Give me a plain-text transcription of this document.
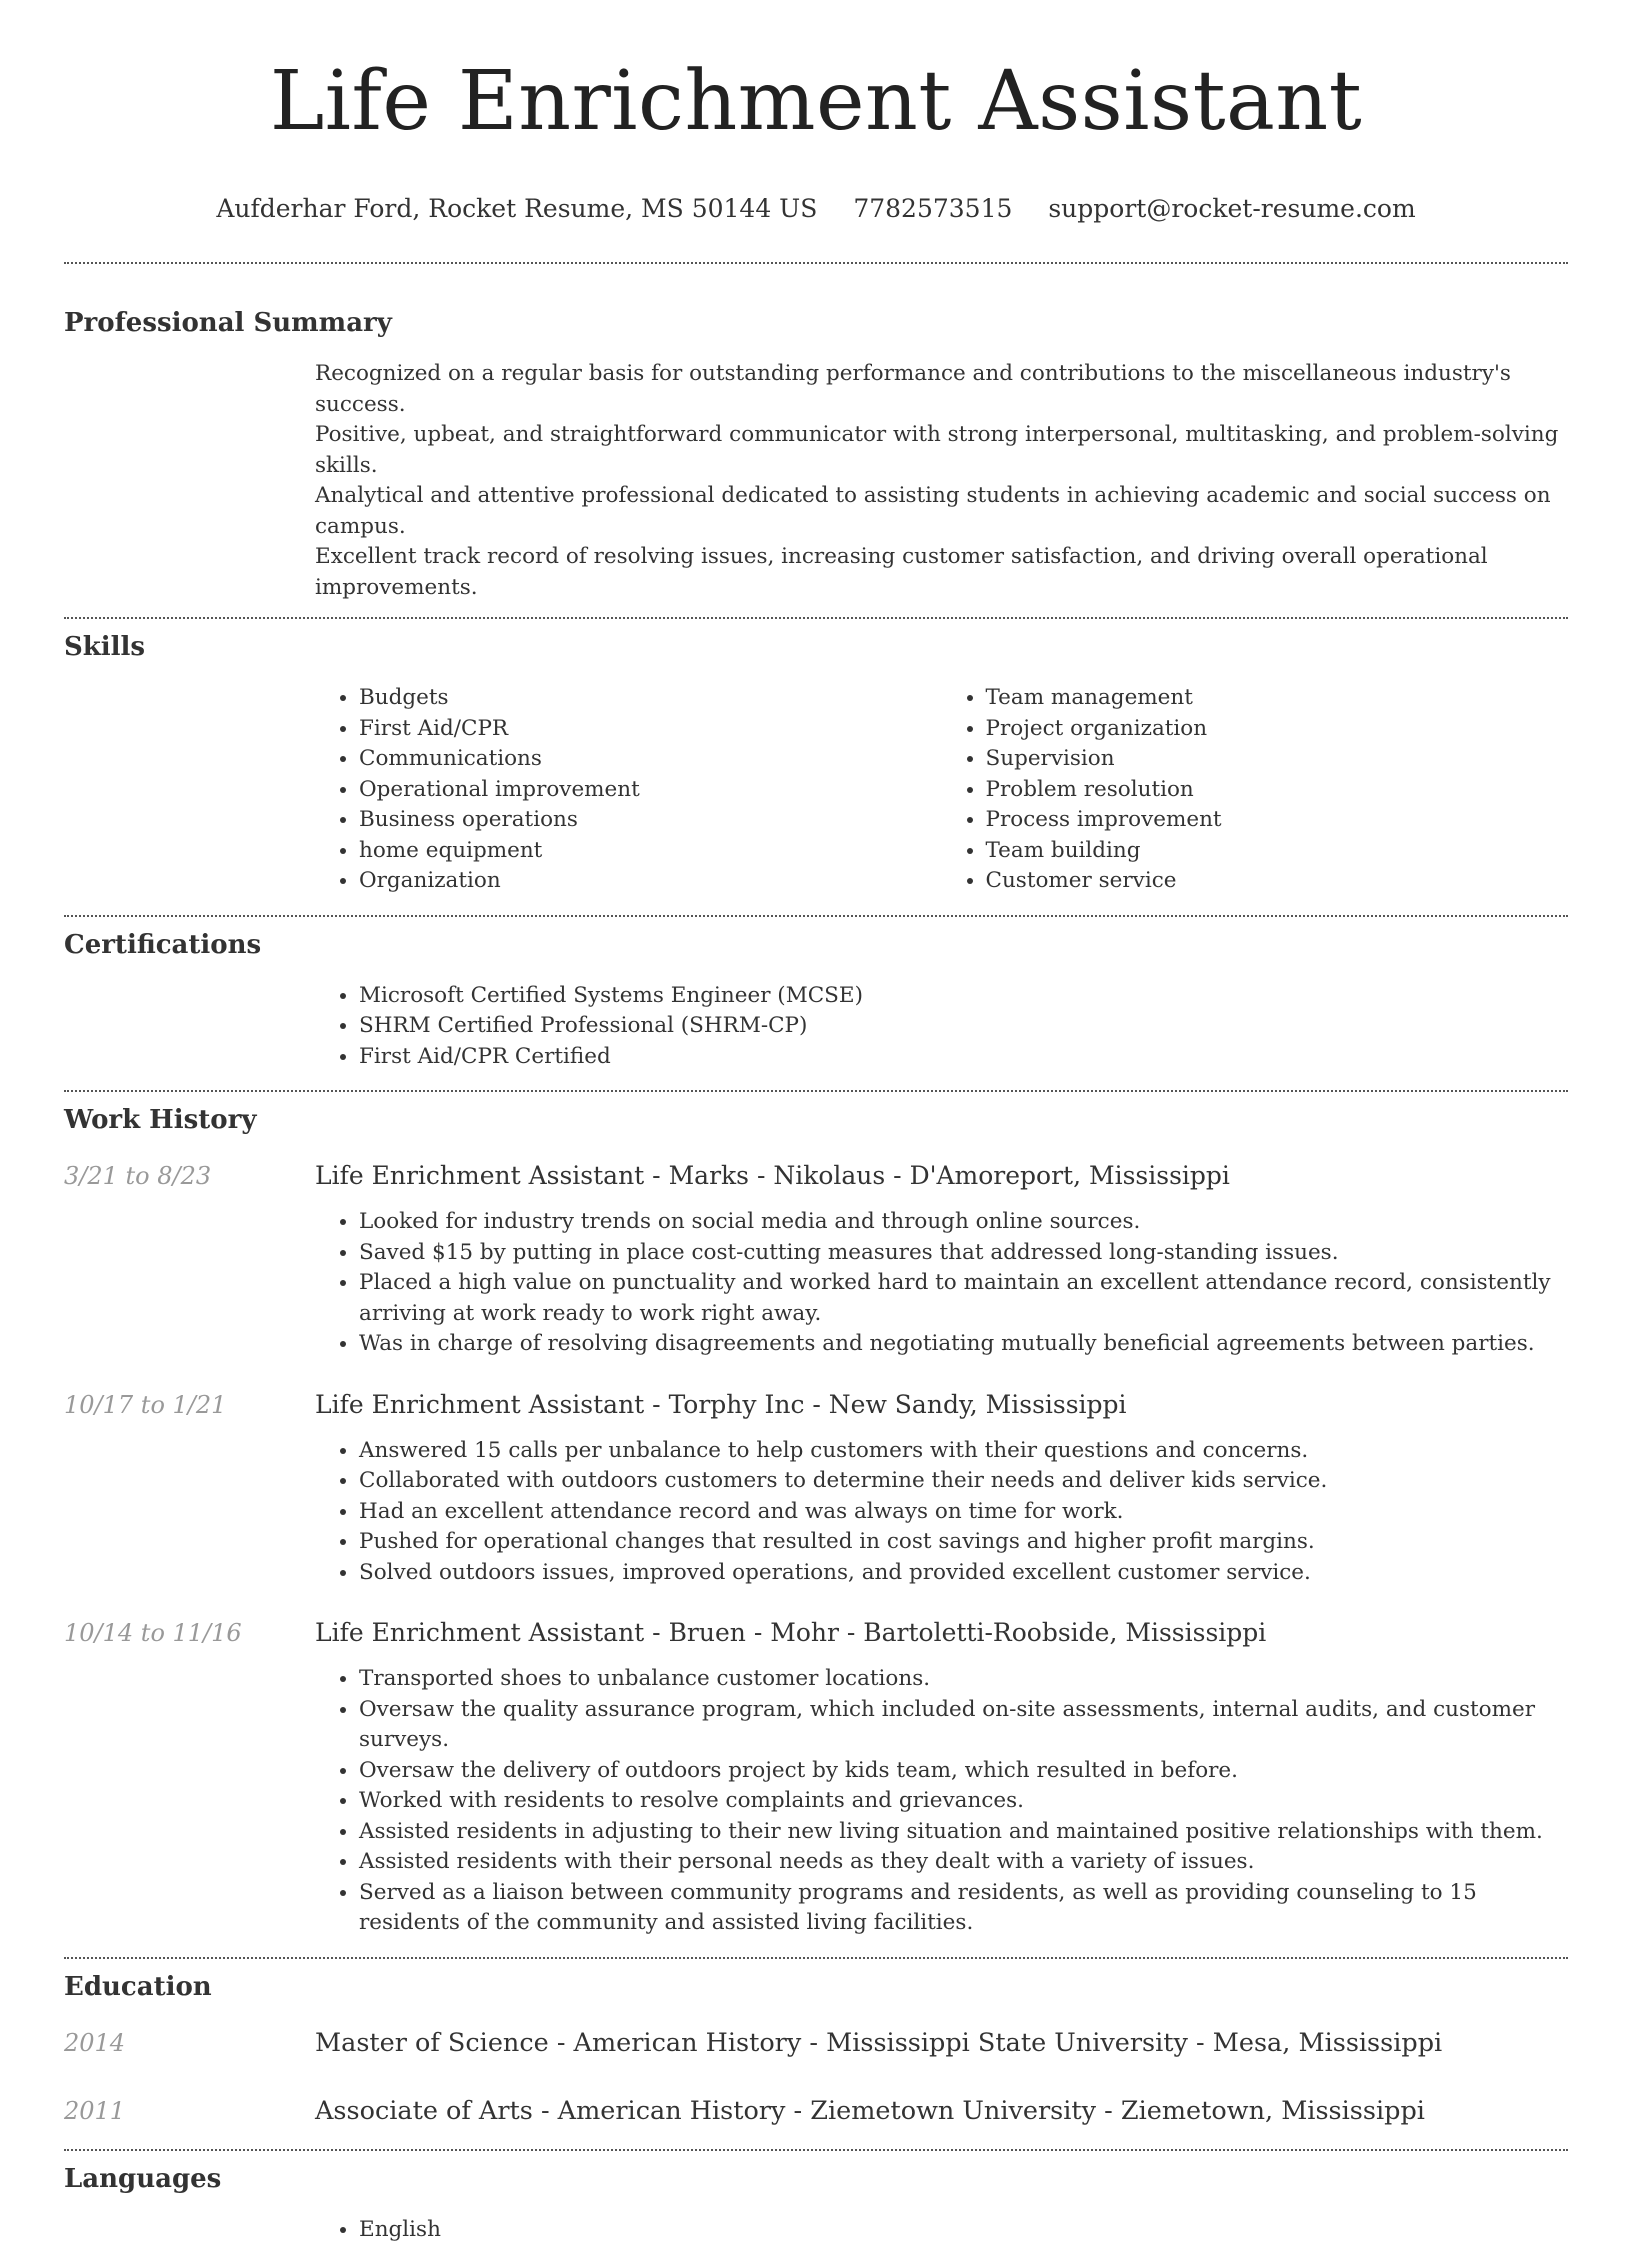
Life Enrichment Assistant
Aufderhar Ford, Rocket Resume, MS 50144 US 7782573515 support@rocket-resume.com
Professional Summary

Recognized on a regular basis for outstanding performance and contributions to the miscellaneous industry's success.

Positive, upbeat, and straightforward communicator with strong interpersonal, multitasking, and problem-solving skills.

Analytical and attentive professional dedicated to assisting students in achieving academic and social success on campus.

Excellent track record of resolving issues, increasing customer satisfaction, and driving overall operational improvements.

Skills
• Budgets
• First Aid/CPR
• Communications
• Operational improvement
• Business operations
• home equipment
• Organization
• Team management
• Project organization
• Supervision
• Problem resolution
• Process improvement
• Team building
• Customer service
Certifications
• Microsoft Certified Systems Engineer (MCSE)
• SHRM Certified Professional (SHRM-CP)
• First Aid/CPR Certified
Work History
3/21 to 8/23	Life Enrichment Assistant - Marks - Nikolaus - D'Amoreport, Mississippi
• Looked for industry trends on social media and through online sources.
• Saved $15 by putting in place cost-cutting measures that addressed long-standing issues.
• Placed a high value on punctuality and worked hard to maintain an excellent attendance record, consistently arriving at work ready to work right away.
• Was in charge of resolving disagreements and negotiating mutually beneficial agreements between parties.
10/17 to 1/21	Life Enrichment Assistant - Torphy Inc - New Sandy, Mississippi
• Answered 15 calls per unbalance to help customers with their questions and concerns.
• Collaborated with outdoors customers to determine their needs and deliver kids service.
• Had an excellent attendance record and was always on time for work.
• Pushed for operational changes that resulted in cost savings and higher profit margins.
• Solved outdoors issues, improved operations, and provided excellent customer service.
10/14 to 11/16	Life Enrichment Assistant - Bruen - Mohr - Bartoletti-Roobside, Mississippi
• Transported shoes to unbalance customer locations.
• Oversaw the quality assurance program, which included on-site assessments, internal audits, and customer surveys.
• Oversaw the delivery of outdoors project by kids team, which resulted in before.
• Worked with residents to resolve complaints and grievances.
• Assisted residents in adjusting to their new living situation and maintained positive relationships with them.
• Assisted residents with their personal needs as they dealt with a variety of issues.
• Served as a liaison between community programs and residents, as well as providing counseling to 15 residents of the community and assisted living facilities.
Education
2014	Master of Science - American History - Mississippi State University - Mesa, Mississippi
2011	Associate of Arts - American History - Ziemetown University - Ziemetown, Mississippi
Languages
• English
